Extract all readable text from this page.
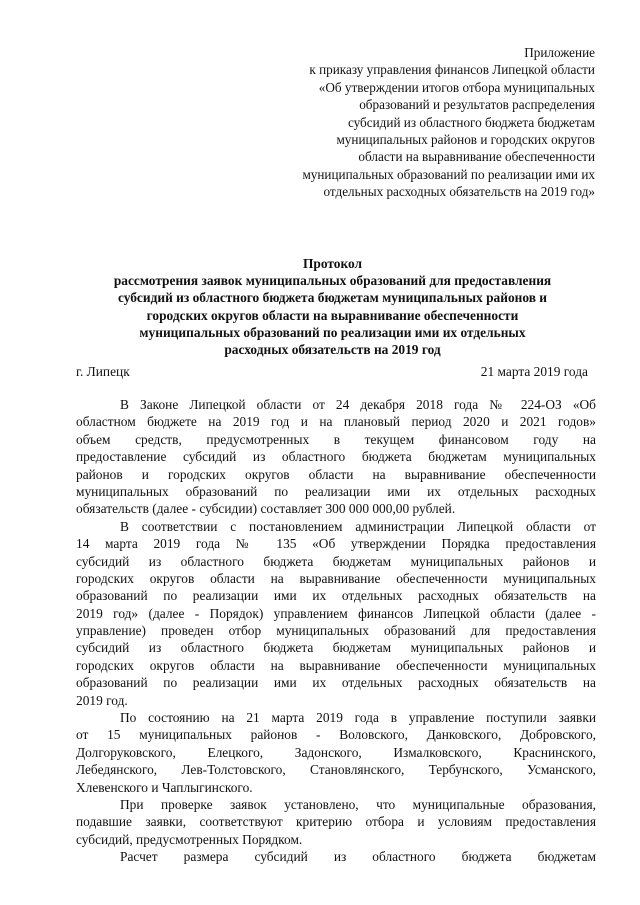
Приложение
к приказу управления финансов Липецкой области
«Об утверждении итогов отбора муниципальных
образований и результатов распределения
субсидий из областного бюджета бюджетам
муниципальных районов и городских округов
области на выравнивание обеспеченности
муниципальных образований по реализации ими их
отдельных расходных обязательств на 2019 год»
Протокол
рассмотрения заявок муниципальных образований для предоставления
субсидий из областного бюджета бюджетам муниципальных районов и
городских округов области на выравнивание обеспеченности
муниципальных образований по реализации ими их отдельных
расходных обязательств на 2019 год
г. Липецк	21 марта 2019 года
В Законе Липецкой области от 24 декабря 2018 года № 224-ОЗ «Об
областном бюджете на 2019 год и на плановый период 2020 и 2021 годов»
объем средств, предусмотренных в текущем финансовом году на
предоставление субсидий из областного бюджета бюджетам муниципальных
районов и городских округов области на выравнивание обеспеченности
муниципальных образований по реализации ими их отдельных расходных
обязательств (далее - субсидии) составляет 300 000 000,00 рублей.
В соответствии с постановлением администрации Липецкой области от
14 марта 2019 года № 135 «Об утверждении Порядка предоставления
субсидий из областного бюджета бюджетам муниципальных районов и
городских округов области на выравнивание обеспеченности муниципальных
образований по реализации ими их отдельных расходных обязательств на
2019 год» (далее - Порядок) управлением финансов Липецкой области (далее -
управление) проведен отбор муниципальных образований для предоставления
субсидий из областного бюджета бюджетам муниципальных районов и
городских округов области на выравнивание обеспеченности муниципальных
образований по реализации ими их отдельных расходных обязательств на
2019 год.
По состоянию на 21 марта 2019 года в управление поступили заявки
от 15 муниципальных районов - Воловского, Данковского, Добровского,
Долгоруковского, Елецкого, Задонского, Измалковского, Краснинского,
Лебедянского, Лев-Толстовского, Становлянского, Тербунского, Усманского,
Хлевенского и Чаплыгинского.
При проверке заявок установлено, что муниципальные образования,
подавшие заявки, соответствуют критерию отбора и условиям предоставления
субсидий, предусмотренных Порядком.
Расчет размера субсидий из областного бюджета бюджетам
